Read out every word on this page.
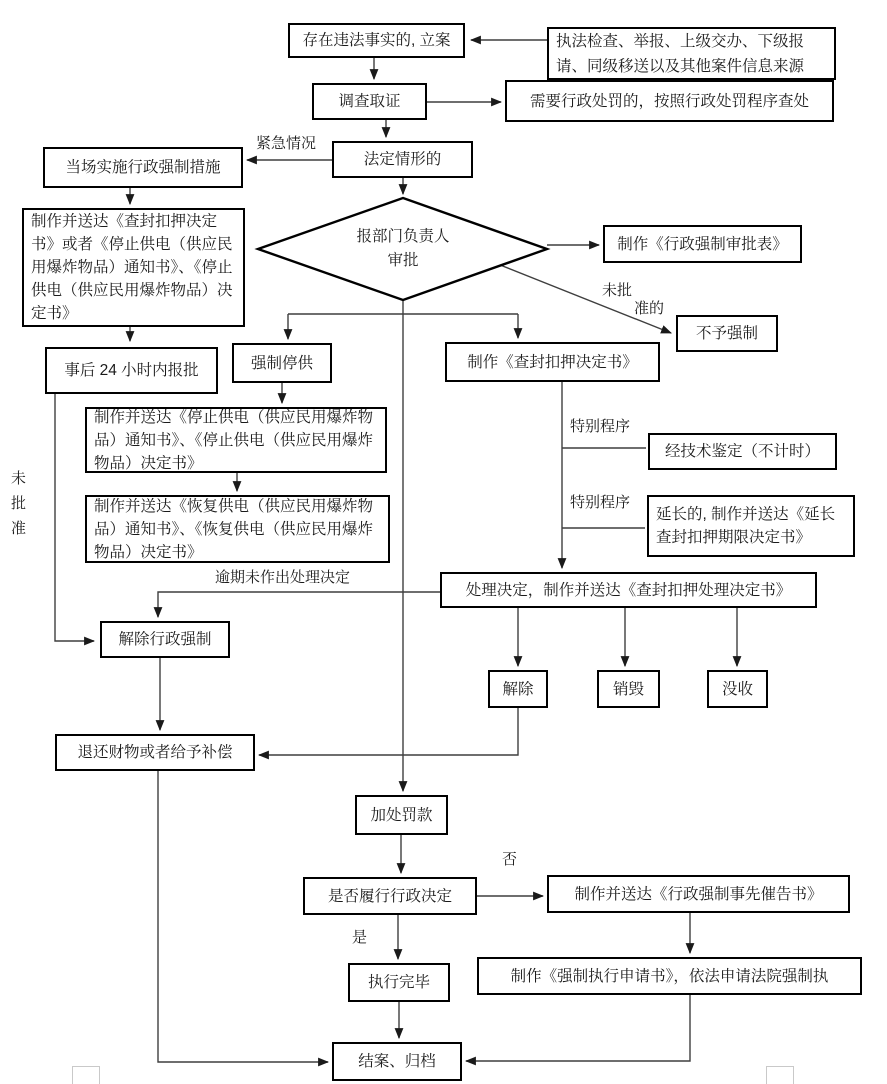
存在违法事实的, 立案	执法检查、举报、上级交办、下级报请、同级移送以及其他案件信息来源
调查取证	需要行政处罚的，按照行政处罚程序查处
法定情形的
当场实施行政强制措施
制作并送达《查封扣押决定书》或者《停止供电（供应民用爆炸物品）通知书》、《停止供电（供应民用爆炸物品）决定书》
报部门负责人审批
制作《行政强制审批表》
不予强制
事后 24 小时内报批	强制停供
制作并送达《停止供电（供应民用爆炸物品）通知书》、《停止供电（供应民用爆炸物品）决定书》
制作并送达《恢复供电（供应民用爆炸物品）通知书》、《恢复供电（供应民用爆炸物品）决定书》
制作《查封扣押决定书》
经技术鉴定（不计时）
延长的, 制作并送达《延长查封扣押期限决定书》
处理决定，制作并送达《查封扣押处理决定书》
解除行政强制
退还财物或者给予补偿
解除	销毁	没收
加处罚款
是否履行行政决定	制作并送达《行政强制事先催告书》
制作《强制执行申请书》，依法申请法院强制执
执行完毕
结案、归档
紧急情况
未批
准的
特别程序
特别程序
逾期未作出处理决定
未批准
否
是
